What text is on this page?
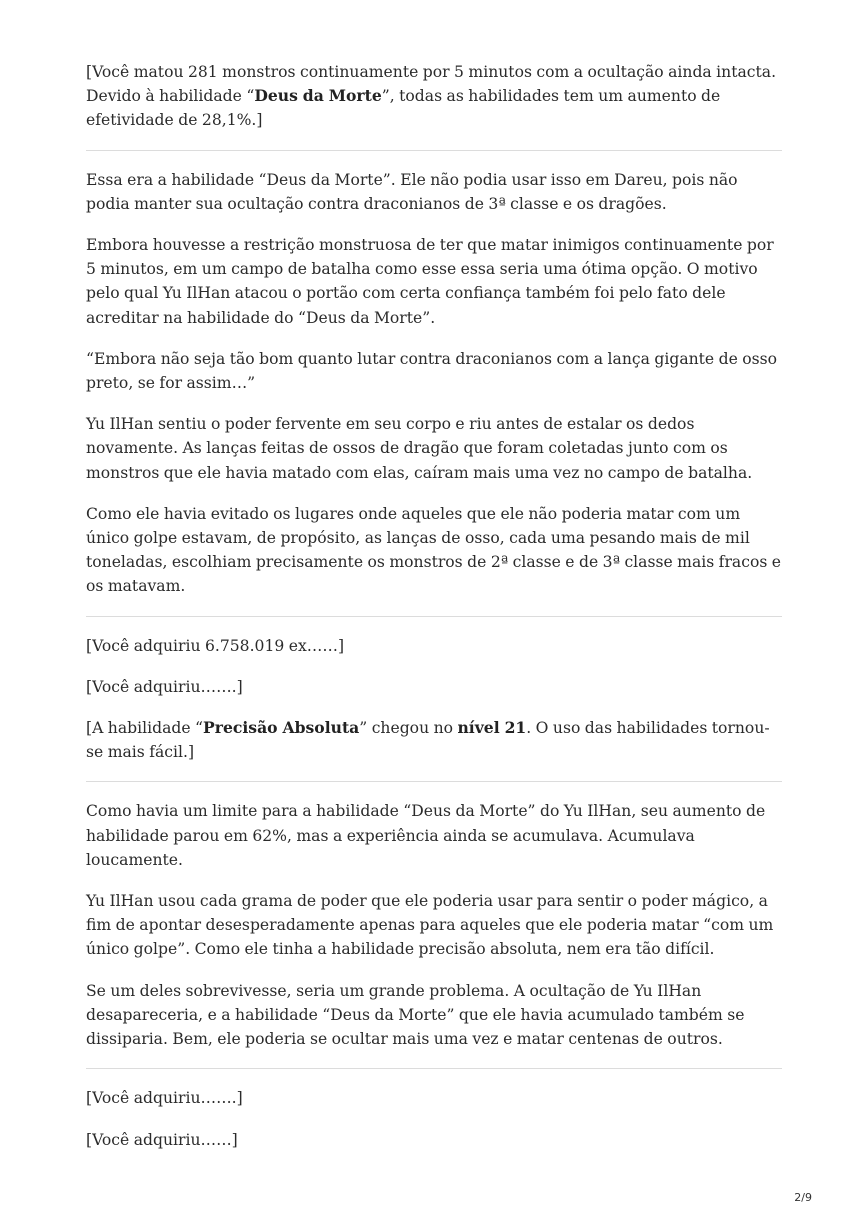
[Você matou 281 monstros continuamente por 5 minutos com a ocultação ainda intacta. Devido à habilidade “Deus da Morte”, todas as habilidades tem um aumento de efetividade de 28,1%.]

Essa era a habilidade “Deus da Morte”. Ele não podia usar isso em Dareu, pois não podia manter sua ocultação contra draconianos de 3ª classe e os dragões.

Embora houvesse a restrição monstruosa de ter que matar inimigos continuamente por 5 minutos, em um campo de batalha como esse essa seria uma ótima opção. O motivo pelo qual Yu IlHan atacou o portão com certa confiança também foi pelo fato dele acreditar na habilidade do “Deus da Morte”.

“Embora não seja tão bom quanto lutar contra draconianos com a lança gigante de osso preto, se for assim…”

Yu IlHan sentiu o poder fervente em seu corpo e riu antes de estalar os dedos novamente. As lanças feitas de ossos de dragão que foram coletadas junto com os monstros que ele havia matado com elas, caíram mais uma vez no campo de batalha.

Como ele havia evitado os lugares onde aqueles que ele não poderia matar com um único golpe estavam, de propósito, as lanças de osso, cada uma pesando mais de mil toneladas, escolhiam precisamente os monstros de 2ª classe e de 3ª classe mais fracos e os matavam.

[Você adquiriu 6.758.019 ex……]

[Você adquiriu…….]

[A habilidade “Precisão Absoluta” chegou no nível 21. O uso das habilidades tornou-se mais fácil.]

Como havia um limite para a habilidade “Deus da Morte” do Yu IlHan, seu aumento de habilidade parou em 62%, mas a experiência ainda se acumulava. Acumulava loucamente.

Yu IlHan usou cada grama de poder que ele poderia usar para sentir o poder mágico, a fim de apontar desesperadamente apenas para aqueles que ele poderia matar “com um único golpe”. Como ele tinha a habilidade precisão absoluta, nem era tão difícil.

Se um deles sobrevivesse, seria um grande problema. A ocultação de Yu IlHan desapareceria, e a habilidade “Deus da Morte” que ele havia acumulado também se dissiparia. Bem, ele poderia se ocultar mais uma vez e matar centenas de outros.

[Você adquiriu…….]

[Você adquiriu……]

2/9
